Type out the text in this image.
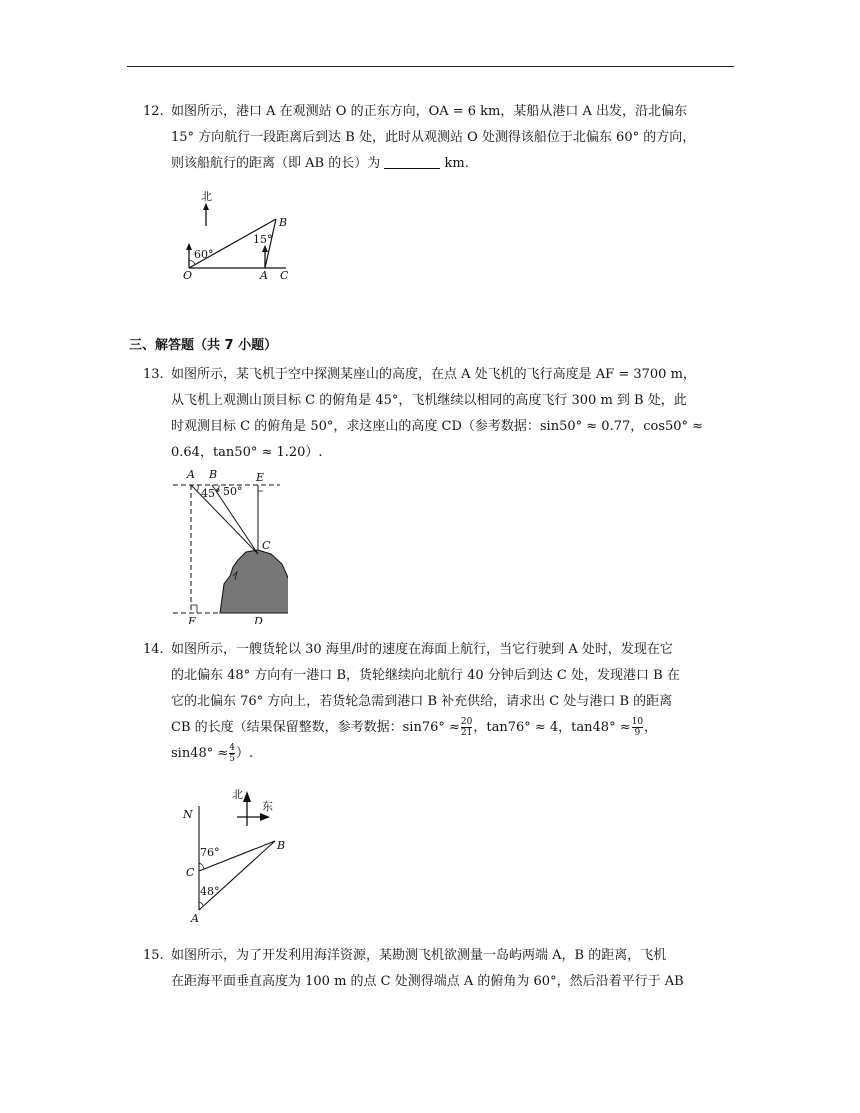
12. 如图所示，港口 A 在观测站 O 的正东方向，OA = 6 km，某船从港口 A 出发，沿北偏东
15° 方向航行一段距离后到达 B 处，此时从观测站 O 处测得该船位于北偏东 60° 的方向，
则该船航行的距离（即 AB 的长）为	km.
北
60°
15°
B
O	A C
三、解答题（共 7 小题）
13. 如图所示，某飞机于空中探测某座山的高度，在点 A 处飞机的飞行高度是 AF = 3700 m，
从飞机上观测山顶目标 C 的俯角是 45°，飞机继续以相同的高度飞行 300 m 到 B 处，此
时观测目标 C 的俯角是 50°，求这座山的高度 CD（参考数据：sin50° ≈ 0.77，cos50° ≈
0.64，tan50° ≈ 1.20）.
A B	E
45° 50°
C
F	D
14. 如图所示，一艘货轮以 30 海里/时的速度在海面上航行，当它行驶到 A 处时，发现在它
的北偏东 48° 方向有一港口 B，货轮继续向北航行 40 分钟后到达 C 处，发现港口 B 在
它的北偏东 76° 方向上，若货轮急需到港口 B 补充供给，请求出 C 处与港口 B 的距离
CB 的长度（结果保留整数，参考数据：$\sin 76^\circ \approx \frac{20}{21}$ ，tan76° ≈ 4，$\tan 48^\circ \approx \frac{10}{9}$ ，
$\sin 48^\circ \approx \frac{4}{5}$ ）.
北
东
N
B
76°
C
48°
A
15. 如图所示，为了开发利用海洋资源，某勘测飞机欲测量一岛屿两端 A，B 的距离，飞机
在距海平面垂直高度为 100 m 的点 C 处测得端点 A 的俯角为 60°，然后沿着平行于 AB
